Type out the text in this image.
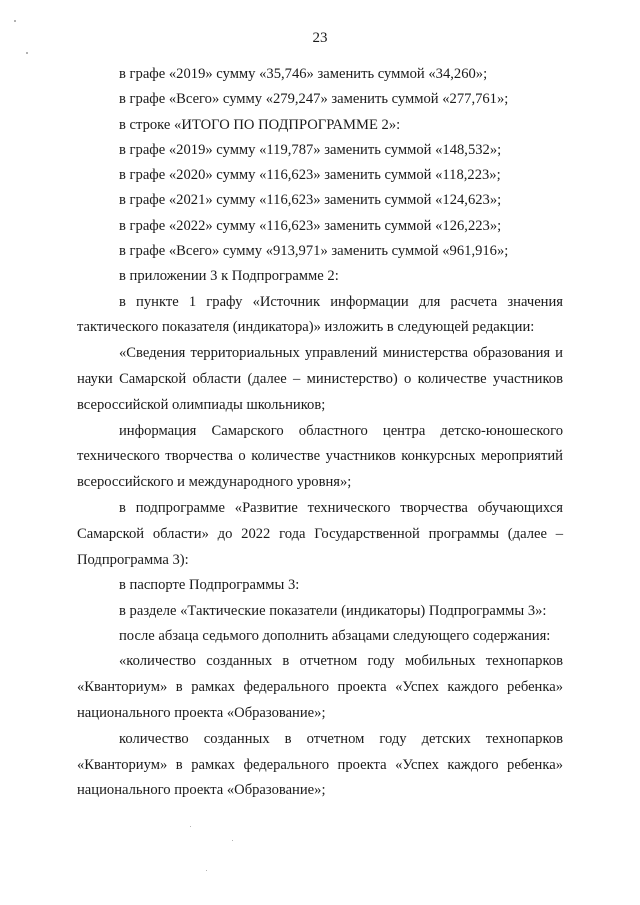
23

в графе «2019» сумму «35,746» заменить суммой «34,260»;

в графе «Всего» сумму «279,247» заменить суммой «277,761»;

в строке «ИТОГО ПО ПОДПРОГРАММЕ 2»:

в графе «2019» сумму «119,787» заменить суммой «148,532»;

в графе «2020» сумму «116,623» заменить суммой «118,223»;

в графе «2021» сумму «116,623» заменить суммой «124,623»;

в графе «2022» сумму «116,623» заменить суммой «126,223»;

в графе «Всего» сумму «913,971» заменить суммой «961,916»;

в приложении 3 к Подпрограмме 2:

в пункте 1 графу «Источник информации для расчета значения тактического показателя (индикатора)» изложить в следующей редакции:

«Сведения территориальных управлений министерства образования и науки Самарской области (далее – министерство) о количестве участников всероссийской олимпиады школьников;

информация Самарского областного центра детско-юношеского технического творчества о количестве участников конкурсных мероприятий всероссийского и международного уровня»;

в подпрограмме «Развитие технического творчества обучающихся Самарской области» до 2022 года Государственной программы (далее – Подпрограмма 3):

в паспорте Подпрограммы 3:

в разделе «Тактические показатели (индикаторы) Подпрограммы 3»:

после абзаца седьмого дополнить абзацами следующего содержания:

«количество созданных в отчетном году мобильных технопарков «Кванториум» в рамках федерального проекта «Успех каждого ребенка» национального проекта «Образование»;

количество созданных в отчетном году детских технопарков «Кванториум» в рамках федерального проекта «Успех каждого ребенка» национального проекта «Образование»;
